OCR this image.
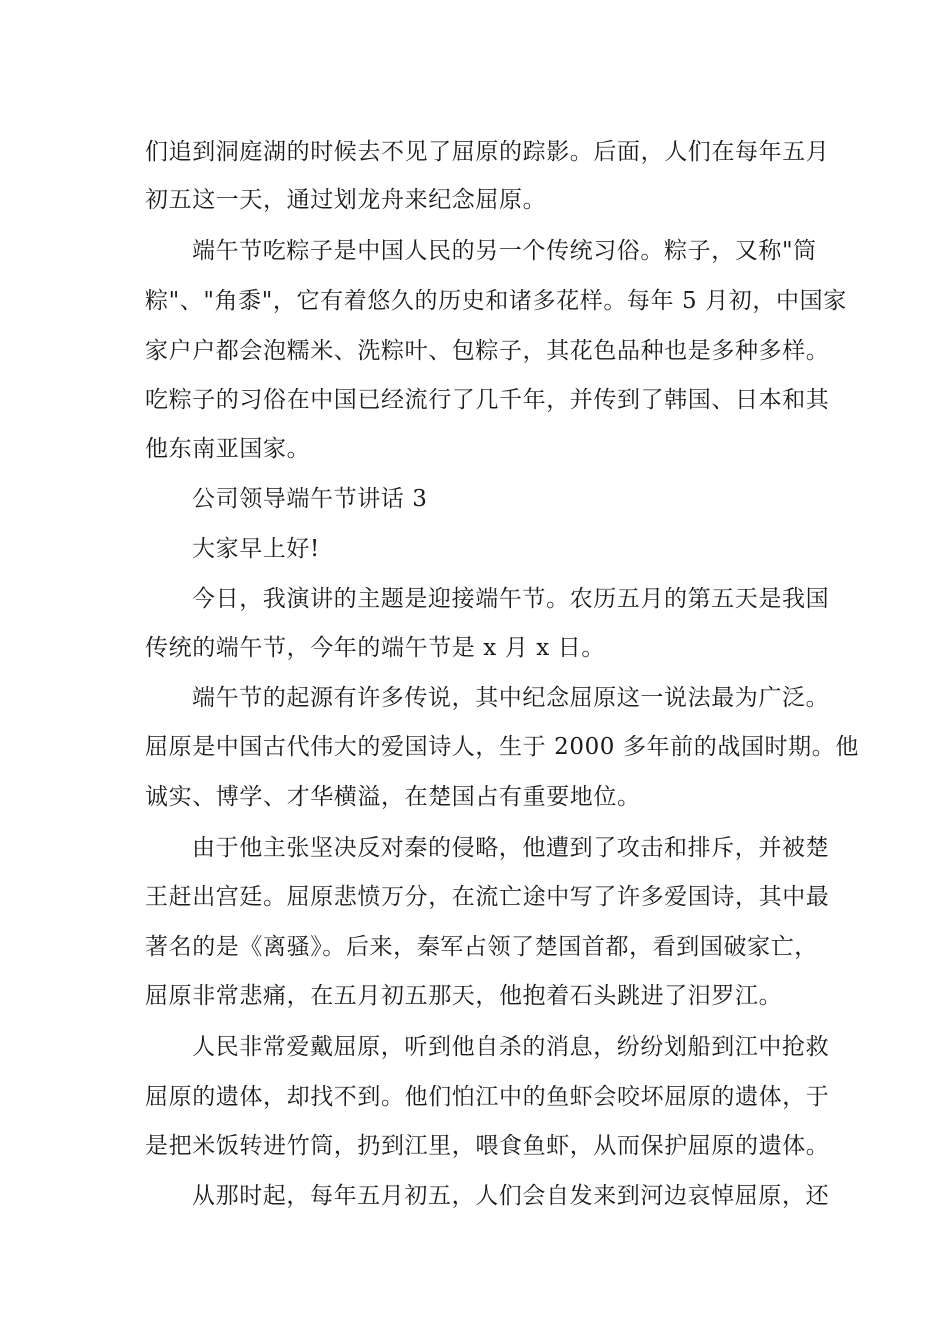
们追到洞庭湖的时候去不见了屈原的踪影。后面，人们在每年五月
初五这一天，通过划龙舟来纪念屈原。
端午节吃粽子是中国人民的另一个传统习俗。粽子，又称"筒
粽"、"角黍"，它有着悠久的历史和诸多花样。每年 5 月初，中国家
家户户都会泡糯米、洗粽叶、包粽子，其花色品种也是多种多样。
吃粽子的习俗在中国已经流行了几千年，并传到了韩国、日本和其
他东南亚国家。
公司领导端午节讲话 3
大家早上好!
今日，我演讲的主题是迎接端午节。农历五月的第五天是我国
传统的端午节，今年的端午节是 x 月 x 日。
端午节的起源有许多传说，其中纪念屈原这一说法最为广泛。
屈原是中国古代伟大的爱国诗人，生于 2000 多年前的战国时期。他
诚实、博学、才华横溢，在楚国占有重要地位。
由于他主张坚决反对秦的侵略，他遭到了攻击和排斥，并被楚
王赶出宫廷。屈原悲愤万分，在流亡途中写了许多爱国诗，其中最
著名的是《离骚》。后来，秦军占领了楚国首都，看到国破家亡，
屈原非常悲痛，在五月初五那天，他抱着石头跳进了汨罗江。
人民非常爱戴屈原，听到他自杀的消息，纷纷划船到江中抢救
屈原的遗体，却找不到。他们怕江中的鱼虾会咬坏屈原的遗体，于
是把米饭转进竹筒，扔到江里，喂食鱼虾，从而保护屈原的遗体。
从那时起，每年五月初五，人们会自发来到河边哀悼屈原，还
